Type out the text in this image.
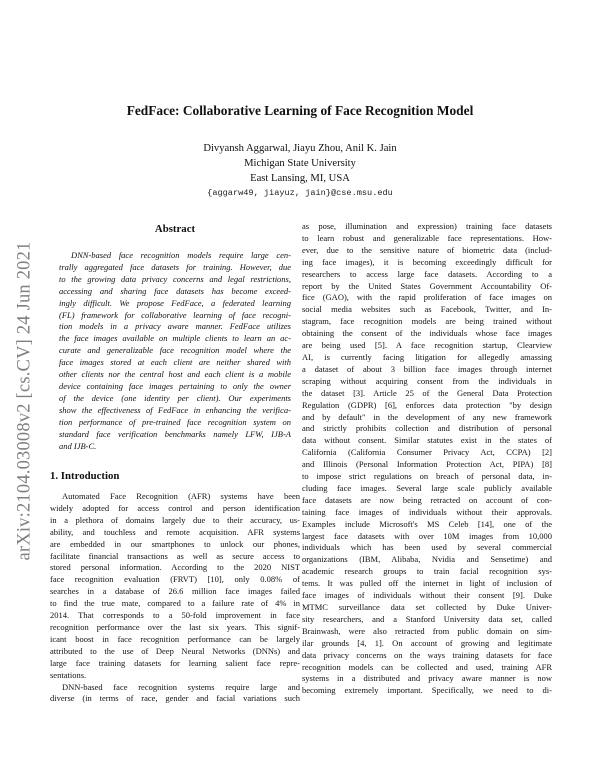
arXiv:2104.03008v2 [cs.CV] 24 Jun 2021
FedFace: Collaborative Learning of Face Recognition Model
Divyansh Aggarwal, Jiayu Zhou, Anil K. Jain
Michigan State University
East Lansing, MI, USA
{aggarw49, jiayuz, jain}@cse.msu.edu
Abstract
DNN-based face recognition models require large cen-
trally aggregated face datasets for training. However, due
to the growing data privacy concerns and legal restrictions,
accessing and sharing face datasets has become exceed-
ingly difficult. We propose FedFace, a federated learning
(FL) framework for collaborative learning of face recogni-
tion models in a privacy aware manner. FedFace utilizes
the face images available on multiple clients to learn an ac-
curate and generalizable face recognition model where the
face images stored at each client are neither shared with
other clients nor the central host and each client is a mobile
device containing face images pertaining to only the owner
of the device (one identity per client). Our experiments
show the effectiveness of FedFace in enhancing the verifica-
tion performance of pre-trained face recognition system on
standard face verification benchmarks namely LFW, IJB-A
and IJB-C.
1. Introduction
Automated Face Recognition (AFR) systems have been
widely adopted for access control and person identification
in a plethora of domains largely due to their accuracy, us-
ability, and touchless and remote acquisition. AFR systems
are embedded in our smartphones to unlock our phones,
facilitate financial transactions as well as secure access to
stored personal information. According to the 2020 NIST
face recognition evaluation (FRVT) [10], only 0.08% of
searches in a database of 26.6 million face images failed
to find the true mate, compared to a failure rate of 4% in
2014. That corresponds to a 50-fold improvement in face
recognition performance over the last six years. This signif-
icant boost in face recognition performance can be largely
attributed to the use of Deep Neural Networks (DNNs) and
large face training datasets for learning salient face repre-
sentations.
DNN-based face recognition systems require large and
diverse (in terms of race, gender and facial variations such
as pose, illumination and expression) training face datasets
to learn robust and generalizable face representations. How-
ever, due to the sensitive nature of biometric data (includ-
ing face images), it is becoming exceedingly difficult for
researchers to access large face datasets. According to a
report by the United States Government Accountability Of-
fice (GAO), with the rapid proliferation of face images on
social media websites such as Facebook, Twitter, and In-
stagram, face recognition models are being trained without
obtaining the consent of the individuals whose face images
are being used [5]. A face recognition startup, Clearview
AI, is currently facing litigation for allegedly amassing
a dataset of about 3 billion face images through internet
scraping without acquiring consent from the individuals in
the dataset [3]. Article 25 of the General Data Protection
Regulation (GDPR) [6], enforces data protection "by design
and by default" in the development of any new framework
and strictly prohibits collection and distribution of personal
data without consent. Similar statutes exist in the states of
California (California Consumer Privacy Act, CCPA) [2]
and Illinois (Personal Information Protection Act, PIPA) [8]
to impose strict regulations on breach of personal data, in-
cluding face images. Several large scale publicly available
face datasets are now being retracted on account of con-
taining face images of individuals without their approvals.
Examples include Microsoft's MS Celeb [14], one of the
largest face datasets with over 10M images from 10,000
individuals which has been used by several commercial
organizations (IBM, Alibaba, Nvidia and Sensetime) and
academic research groups to train facial recognition sys-
tems. It was pulled off the internet in light of inclusion of
face images of individuals without their consent [9]. Duke
MTMC surveillance data set collected by Duke Univer-
sity researchers, and a Stanford University data set, called
Brainwash, were also retracted from public domain on sim-
ilar grounds [4, 1]. On account of growing and legitimate
data privacy concerns on the ways training datasets for face
recognition models can be collected and used, training AFR
systems in a distributed and privacy aware manner is now
becoming extremely important. Specifically, we need to di-
